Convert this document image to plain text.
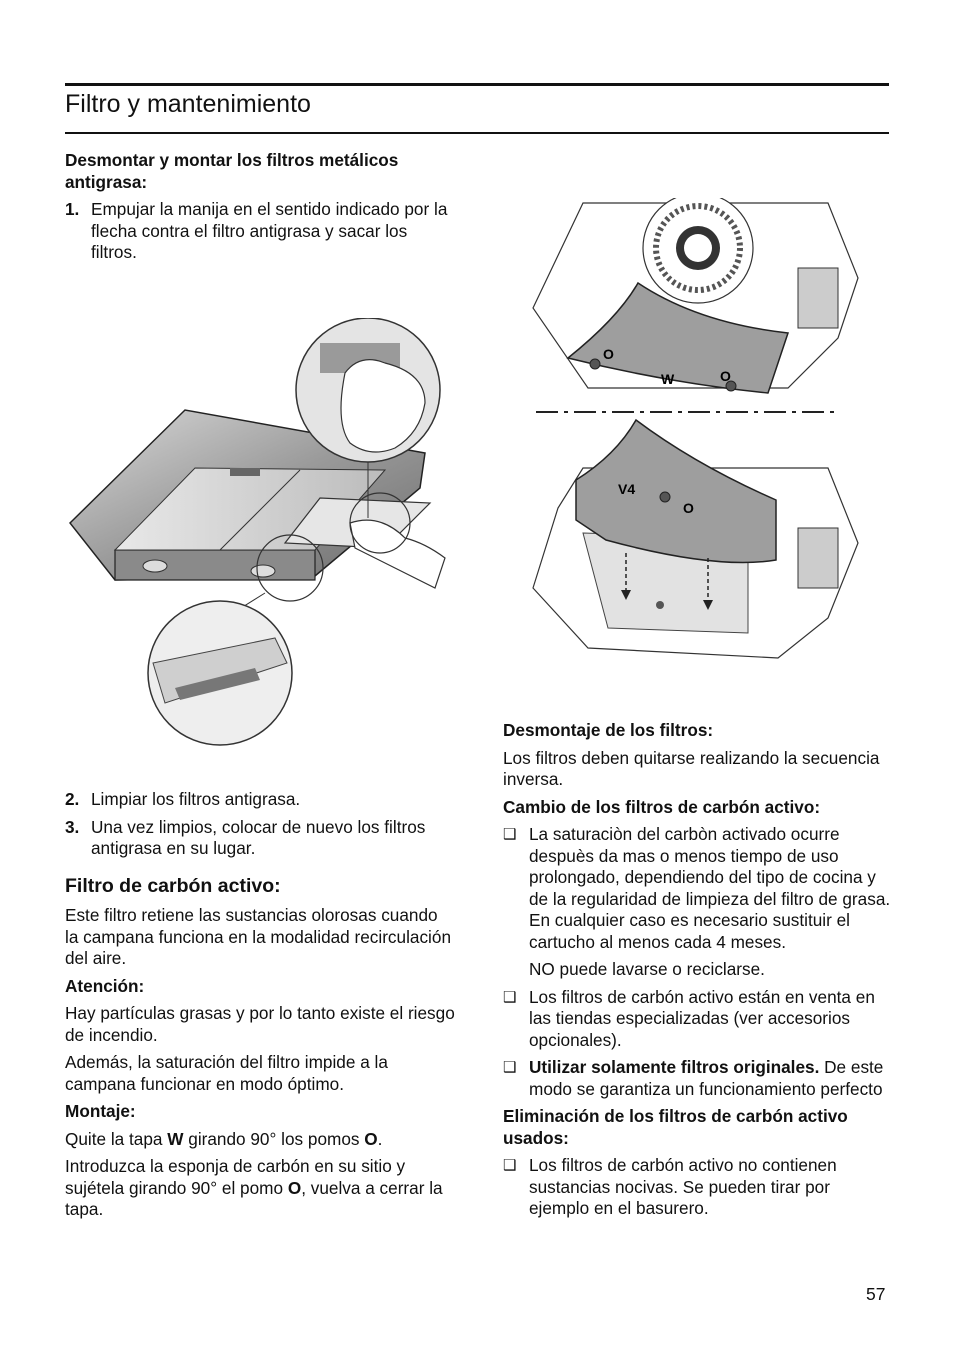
Filtro y mantenimiento

Desmontar y montar los filtros metálicos antigrasa:

1. Empujar la manija en el sentido indicado por la flecha contra el filtro antigrasa y sacar los filtros.
2. Limpiar los filtros antigrasa.
3. Una vez limpios, colocar de nuevo los filtros antigrasa en su lugar.
Filtro de carbón activo:

Este filtro retiene las sustancias olorosas cuando la campana funciona en la modalidad recirculación del aire.

Atención:

Hay partículas grasas y por lo tanto existe el riesgo de incendio.

Además, la saturación del filtro impide a la campana funcionar en modo óptimo.

Montaje:

Quite la tapa W girando 90° los pomos O.

Introduzca la esponja de carbón en su sitio y sujétela girando 90° el pomo O, vuelva a cerrar la tapa.

O
W	O
V4
O

Desmontaje de los filtros:

Los filtros deben quitarse realizando la secuencia inversa.

Cambio de los filtros de carbón activo:

❑ La saturaciòn del carbòn activado ocurre despuès da mas o menos tiempo de uso prolongado, dependiendo del tipo de cocina y de la regularidad de limpieza del filtro de grasa. En cualquier caso es necesario sustituir el cartucho al menos cada 4 meses.

NO puede lavarse o reciclarse.

❑ Los filtros de carbón activo están en venta en las tiendas especializadas (ver accesorios opcionales).
❑ Utilizar solamente filtros originales. De este modo se garantiza un funcionamiento perfecto

Eliminación de los filtros de carbón activo usados:

❑ Los filtros de carbón activo no contienen sustancias nocivas. Se pueden tirar por ejemplo en el basurero.
57
